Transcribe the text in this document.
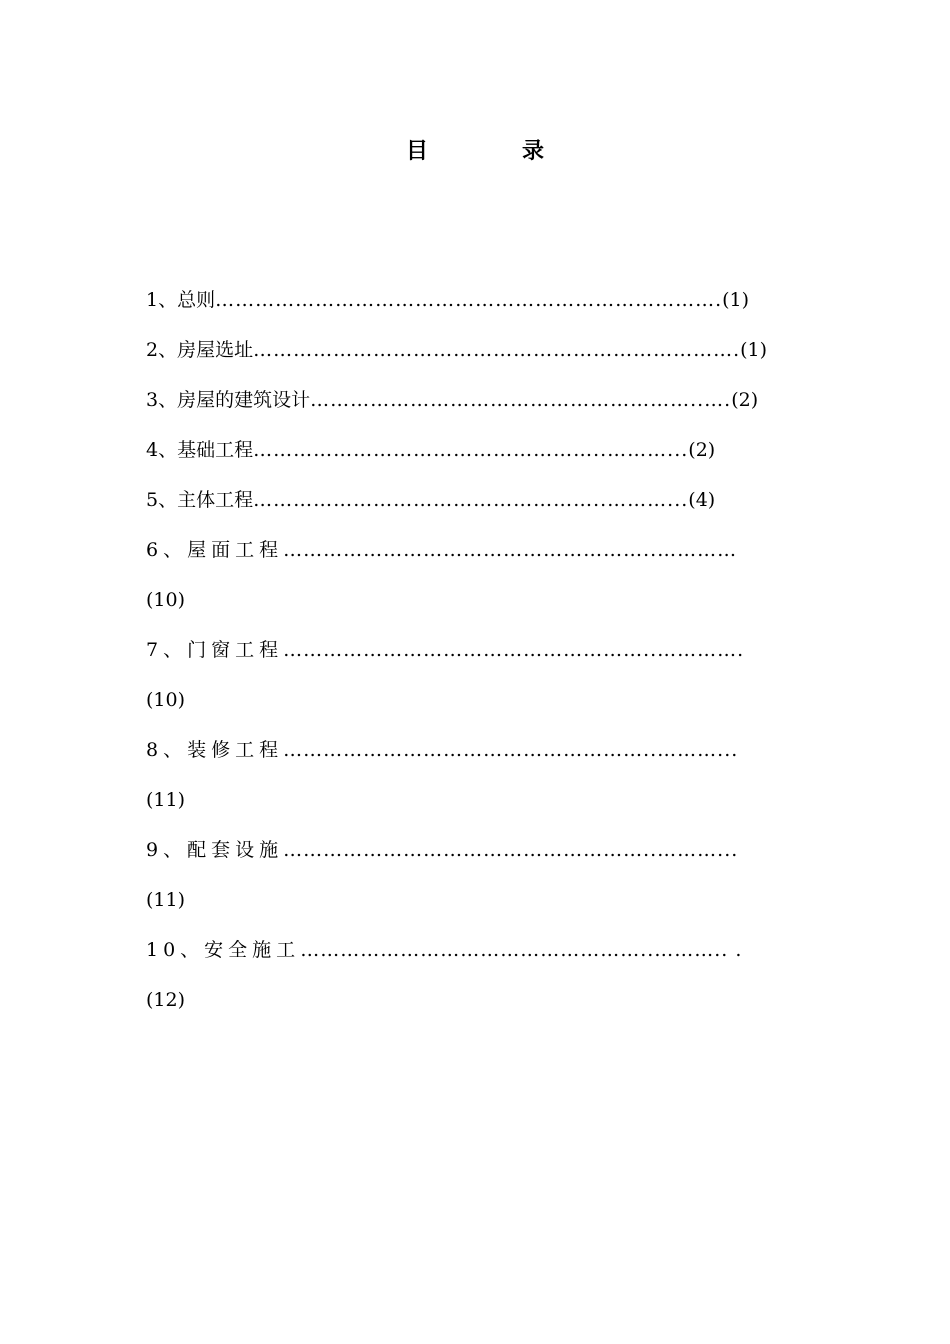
目　录
1、总则………………………………………………………………….(1)
2、房屋选址……………………………………………………………….(1)
3、房屋的建筑设计…………………………………………………..….(2)
4、基础工程……………………………………………..………...(2)
5、主体工程……………………………………………..………...(4)
6、屋面工程………………………………………………..…………
(10)
7、门窗工程………………………………………………..………….
(10)
8、装修工程………………………………………………..………...
(11)
9、配套设施………………………………………………..………...
(11)
10、安全施工……………………………………………..……….. .
(12)
